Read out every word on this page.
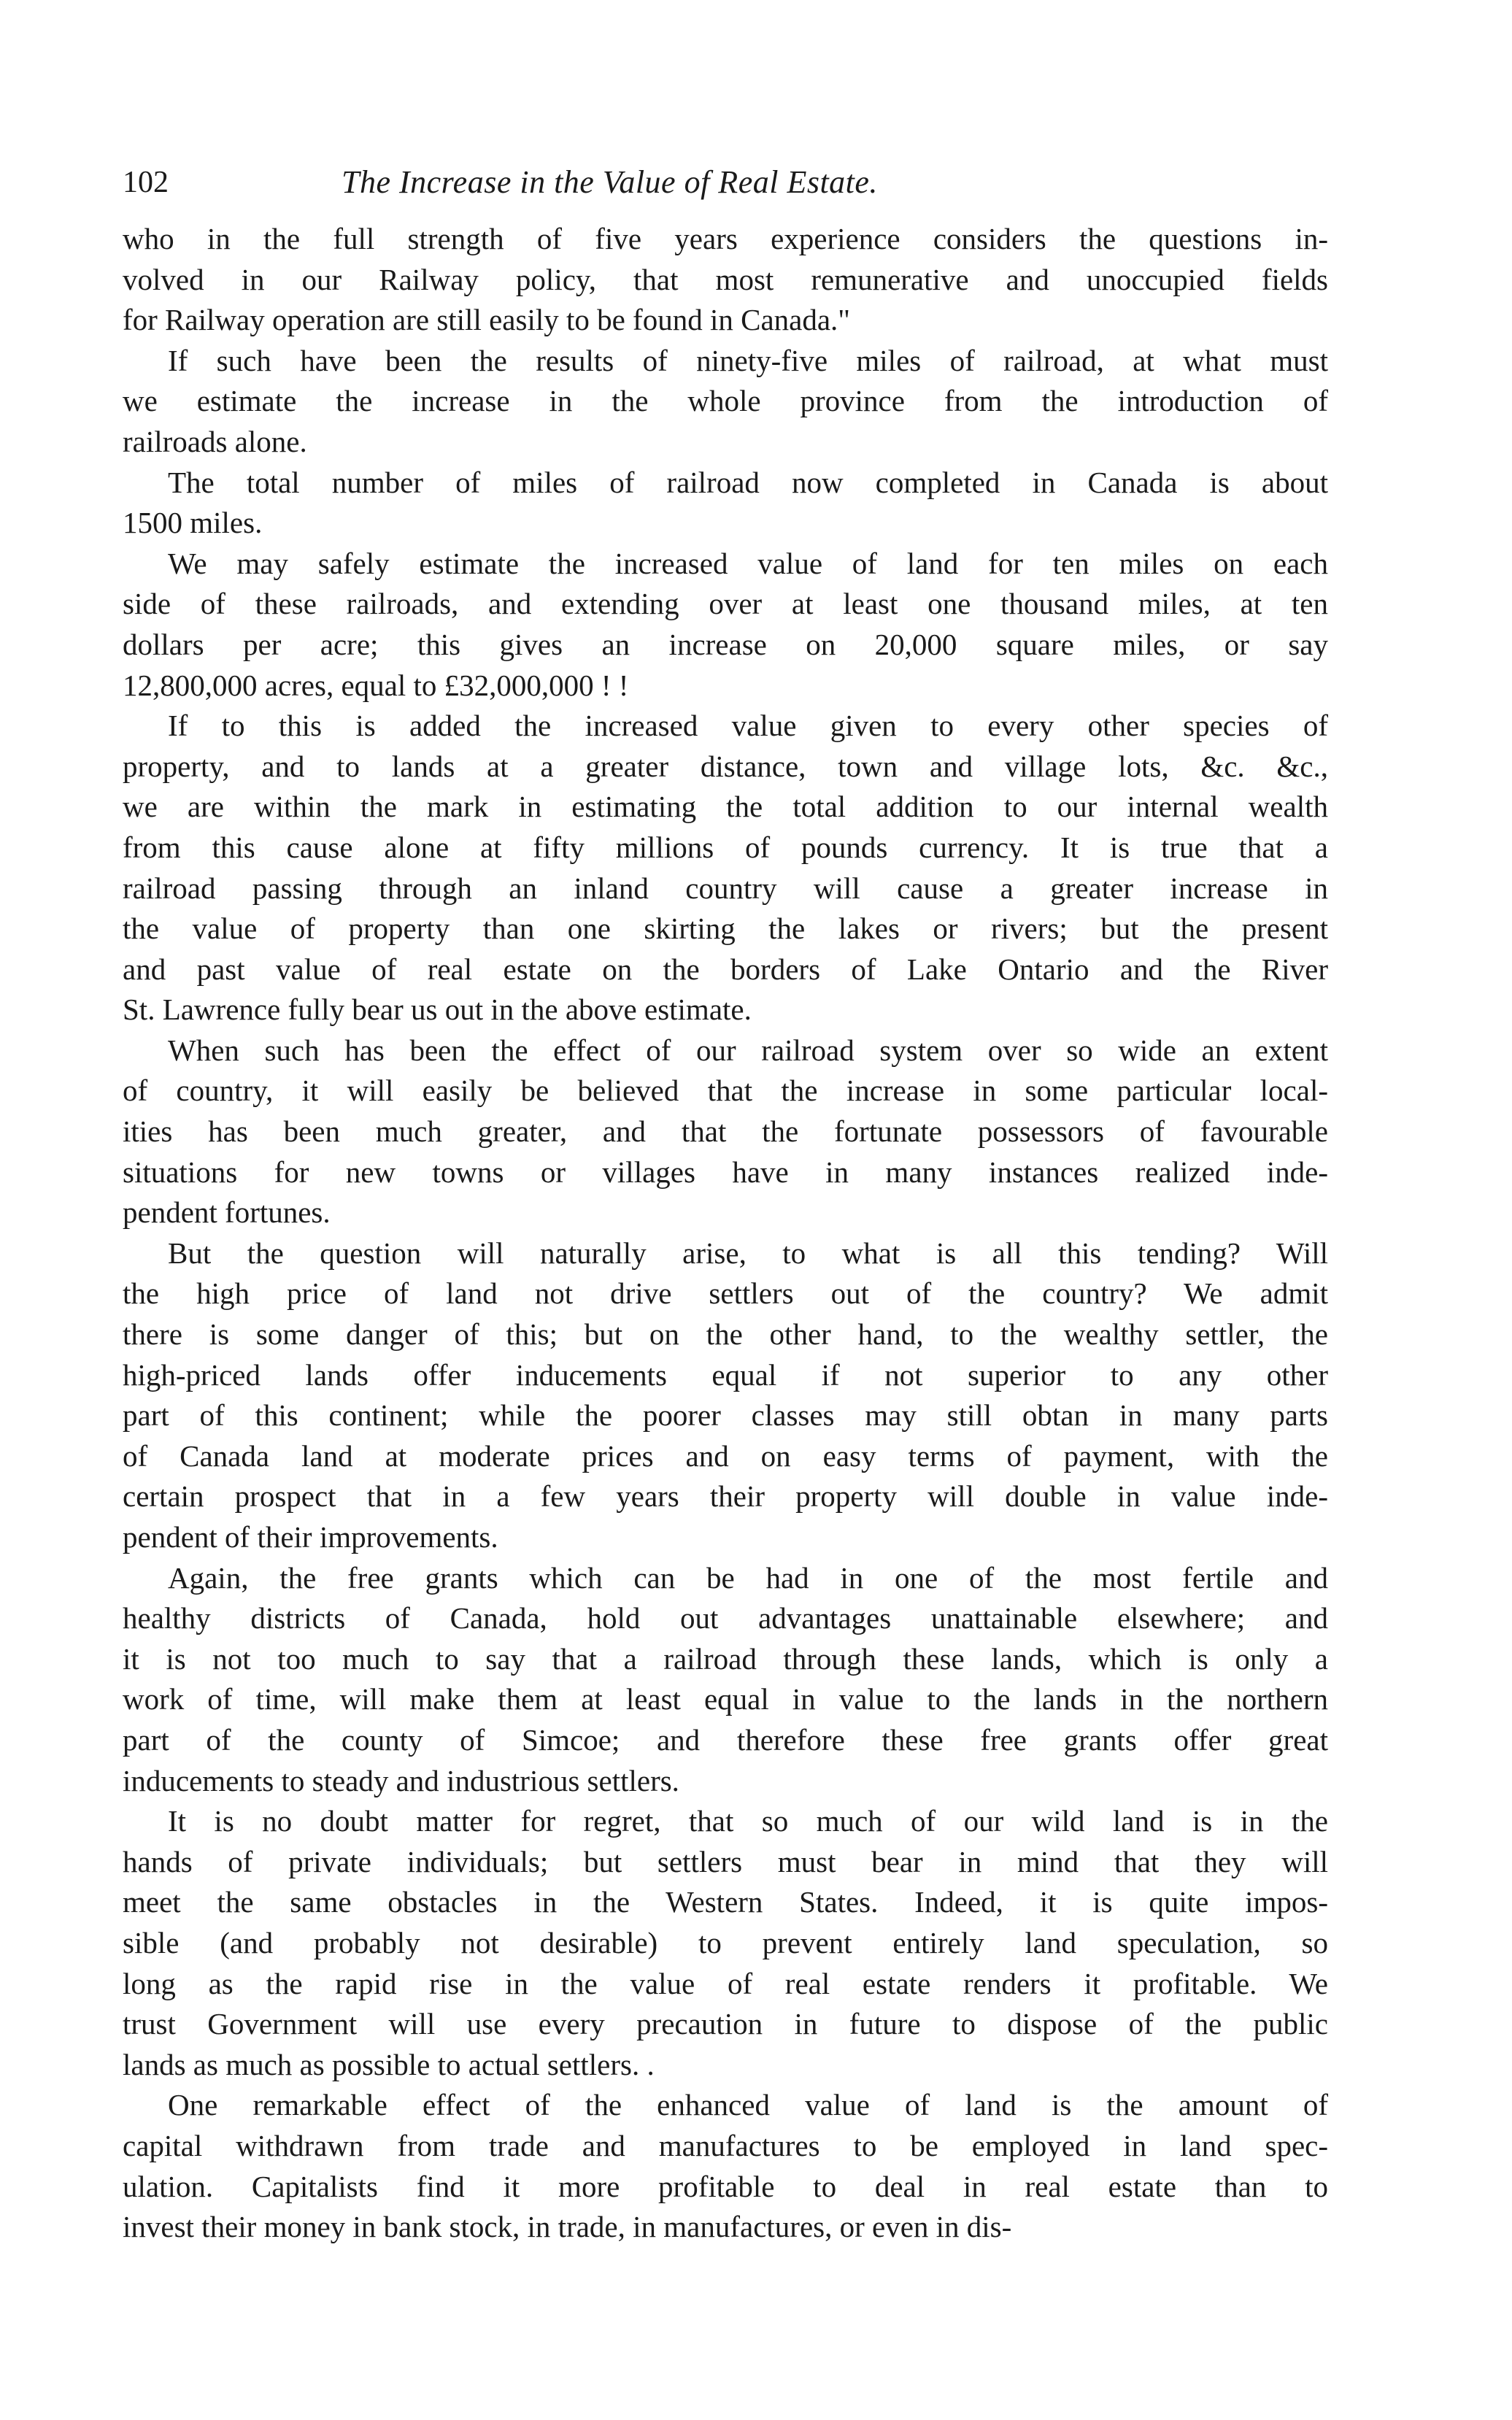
102	The Increase in the Value of Real Estate.
who in the full strength of five years experience considers the questions in-
volved in our Railway policy, that most remunerative and unoccupied fields
for Railway operation are still easily to be found in Canada."
If such have been the results of ninety-five miles of railroad, at what must
we estimate the increase in the whole province from the introduction of
railroads alone.
The total number of miles of railroad now completed in Canada is about
1500 miles.
We may safely estimate the increased value of land for ten miles on each
side of these railroads, and extending over at least one thousand miles, at ten
dollars per acre; this gives an increase on 20,000 square miles, or say
12,800,000 acres, equal to £32,000,000 ! !
If to this is added the increased value given to every other species of
property, and to lands at a greater distance, town and village lots, &c. &c.,
we are within the mark in estimating the total addition to our internal wealth
from this cause alone at fifty millions of pounds currency. It is true that a
railroad passing through an inland country will cause a greater increase in
the value of property than one skirting the lakes or rivers; but the present
and past value of real estate on the borders of Lake Ontario and the River
St. Lawrence fully bear us out in the above estimate.
When such has been the effect of our railroad system over so wide an extent
of country, it will easily be believed that the increase in some particular local-
ities has been much greater, and that the fortunate possessors of favourable
situations for new towns or villages have in many instances realized inde-
pendent fortunes.
But the question will naturally arise, to what is all this tending? Will
the high price of land not drive settlers out of the country? We admit
there is some danger of this; but on the other hand, to the wealthy settler, the
high-priced lands offer inducements equal if not superior to any other
part of this continent; while the poorer classes may still obtan in many parts
of Canada land at moderate prices and on easy terms of payment, with the
certain prospect that in a few years their property will double in value inde-
pendent of their improvements.
Again, the free grants which can be had in one of the most fertile and
healthy districts of Canada, hold out advantages unattainable elsewhere; and
it is not too much to say that a railroad through these lands, which is only a
work of time, will make them at least equal in value to the lands in the northern
part of the county of Simcoe; and therefore these free grants offer great
inducements to steady and industrious settlers.
It is no doubt matter for regret, that so much of our wild land is in the
hands of private individuals; but settlers must bear in mind that they will
meet the same obstacles in the Western States. Indeed, it is quite impos-
sible (and probably not desirable) to prevent entirely land speculation, so
long as the rapid rise in the value of real estate renders it profitable. We
trust Government will use every precaution in future to dispose of the public
lands as much as possible to actual settlers. .
One remarkable effect of the enhanced value of land is the amount of
capital withdrawn from trade and manufactures to be employed in land spec-
ulation. Capitalists find it more profitable to deal in real estate than to
invest their money in bank stock, in trade, in manufactures, or even in dis-
